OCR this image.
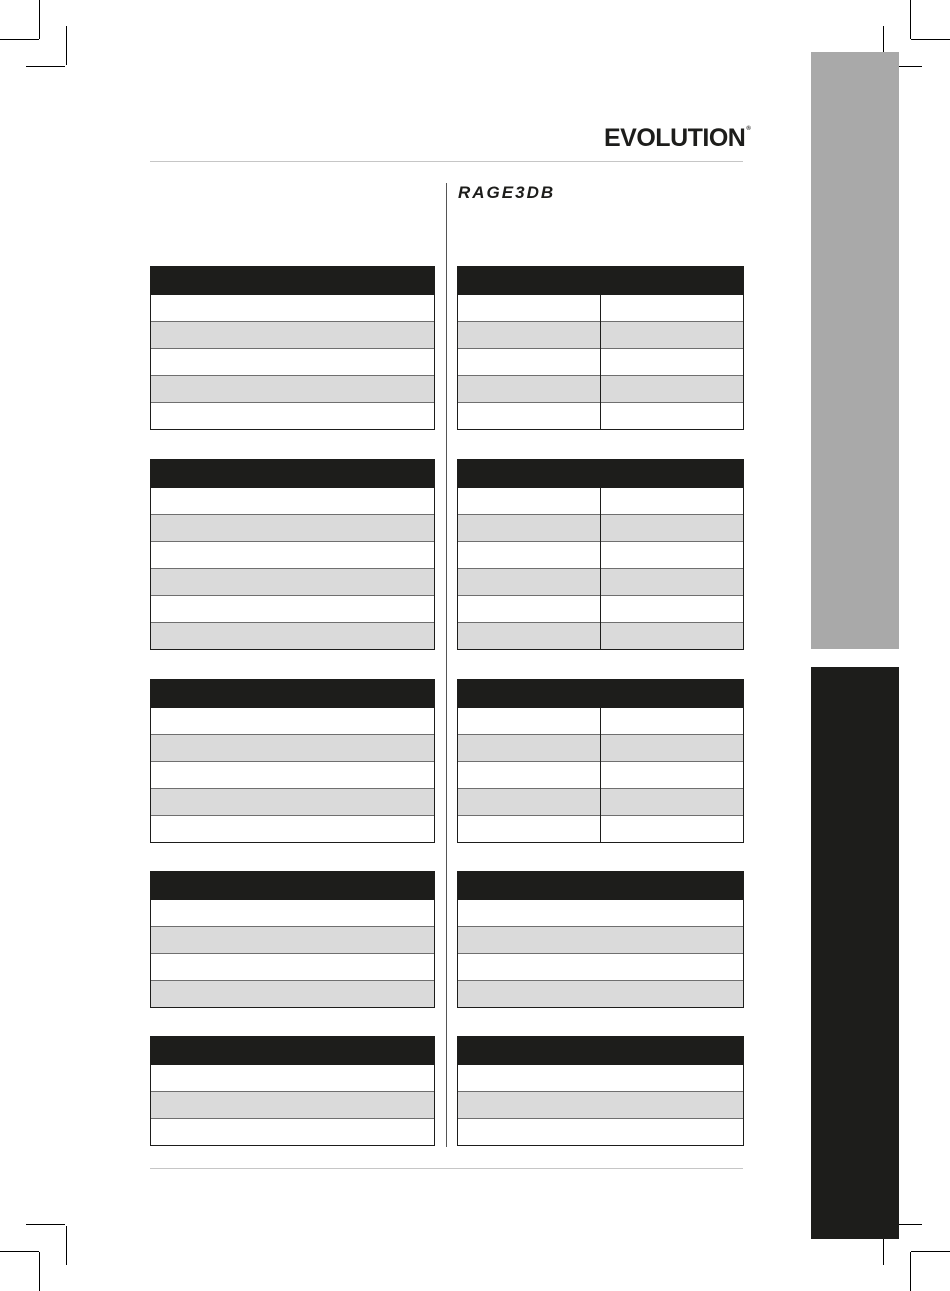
EVOLUTION®
RAGE3DB
